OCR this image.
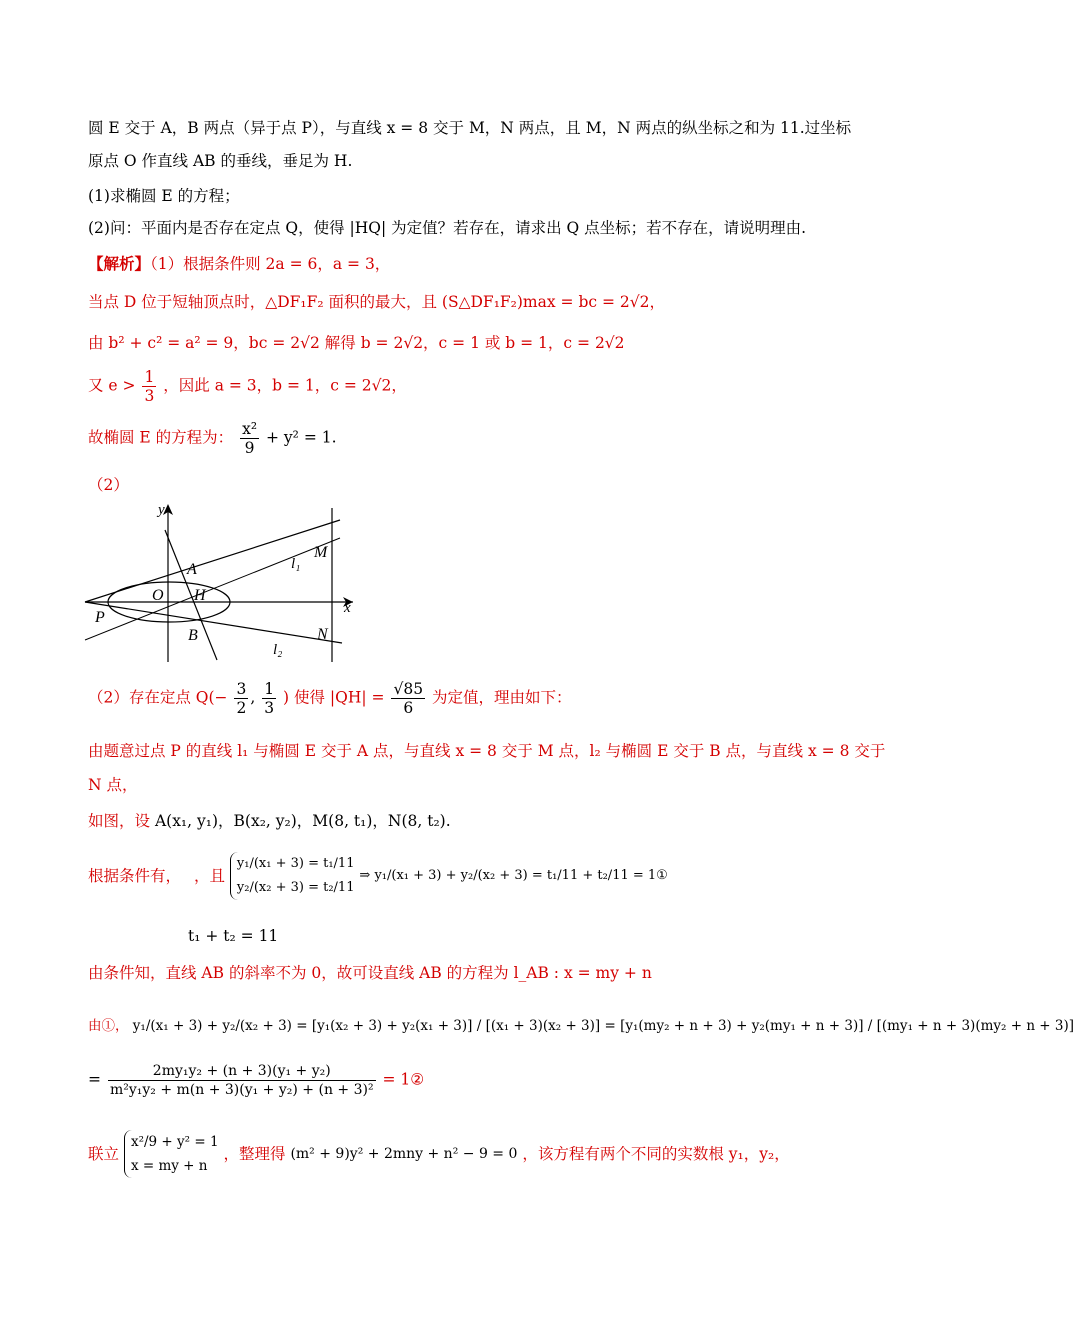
圆 E 交于 A，B 两点（异于点 P），与直线 x = 8 交于 M，N 两点，且 M，N 两点的纵坐标之和为 11.过坐标
原点 O 作直线 AB 的垂线，垂足为 H.
(1)求椭圆 E 的方程；
(2)问：平面内是否存在定点 Q，使得 |HQ| 为定值？若存在，请求出 Q 点坐标；若不存在，请说明理由.
【解析】（1）根据条件则 2a = 6，a = 3，
当点 D 位于短轴顶点时，△DF₁F₂ 面积的最大，且 (S△DF₁F₂)max = bc = 2√2，
由 b² + c² = a² = 9，bc = 2√2 解得 b = 2√2，c = 1 或 b = 1，c = 2√2
又 $e > \frac{1}{3}$ ，因此 a = 3，b = 1，c = 2√2，
故椭圆 E 的方程为： $\frac{\text{x²}}{9} + y^2 = 1$.
（2）
y
x
A
O H
B
P
M
N
l₁
l₂
（2）存在定点 $Q(- \frac{3}{2}$ , $\frac{1}{3}$ ) 使得 $|QH| = \frac{√85}{6}$ 为定值，理由如下：
由题意过点 P 的直线 l₁ 与椭圆 E 交于 A 点，与直线 x = 8 交于 M 点，l₂ 与椭圆 E 交于 B 点，与直线 x = 8 交于
N 点，
如图，设 A(x₁, y₁)，B(x₂, y₂)，M(8, t₁)，N(8, t₂).
根据条件有， ，且
y₁/(x₁ + 3) = t₁/11
y₂/(x₂ + 3) = t₂/11
⇒ y₁/(x₁ + 3) + y₂/(x₂ + 3) = t₁/11 + t₂/11 = 1①
t₁ + t₂ = 11
由条件知，直线 AB 的斜率不为 0，故可设直线 AB 的方程为 l_AB : x = my + n
由①， y₁/(x₁ + 3) + y₂/(x₂ + 3) = [y₁(x₂ + 3) + y₂(x₁ + 3)] / [(x₁ + 3)(x₂ + 3)] = [y₁(my₂ + n + 3) + y₂(my₁ + n + 3)] / [(my₁ + n + 3)(my₂ + n + 3)]
= $\frac{\text{2my₁y₂ + (n + 3)(y₁ + y₂)}}{\text{m²y₁y₂ + m(n + 3)(y₁ + y₂) + (n + 3)²}}$ = 1②
联立
x²/9 + y² = 1
x = my + n
，整理得 (m² + 9)y² + 2mny + n² − 9 = 0 ，该方程有两个不同的实数根 y₁，y₂，
